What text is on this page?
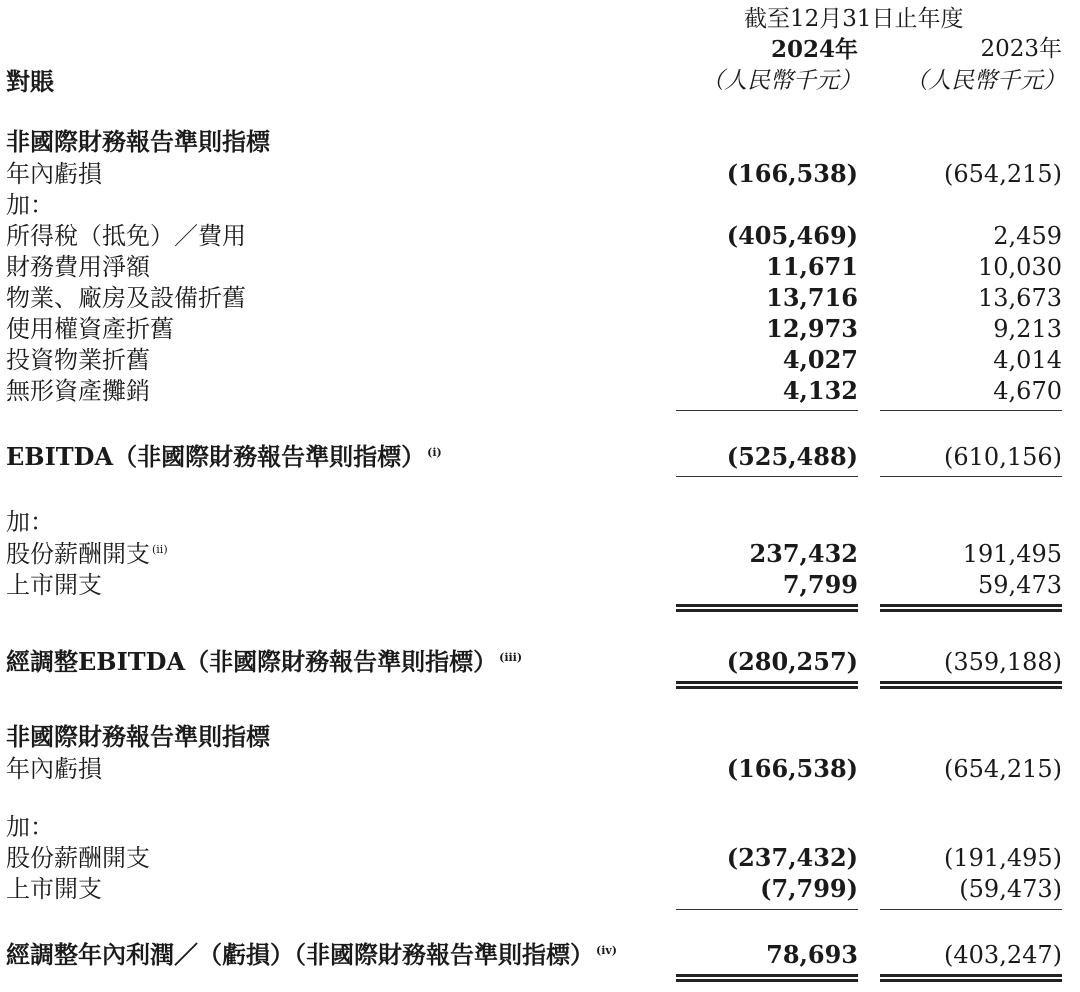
截至12月31日止年度
2024年	2023年
（人民幣千元） （人民幣千元）
對賬
非國際財務報告準則指標
年內虧損	(166,538)	(654,215)
加：
所得稅（抵免）／費用	(405,469)	2,459
財務費用淨額	11,671	10,030
物業、廠房及設備折舊	13,716	13,673
使用權資產折舊	12,973	9,213
投資物業折舊	4,027	4,014
無形資產攤銷	4,132	4,670
EBITDA（非國際財務報告準則指標） $^{(i)}$	(525,488)	(610,156)
加：
股份薪酬開支 $^{(ii)}$	237,432	191,495
上市開支	7,799	59,473
經調整EBITDA（非國際財務報告準則指標） $^{(iii)}$	(280,257)	(359,188)
非國際財務報告準則指標
年內虧損	(166,538)	(654,215)
加：
股份薪酬開支	(237,432)	(191,495)
上市開支	(7,799)	(59,473)
經調整年內利潤／（虧損）（非國際財務報告準則指標） $^{(iv)}$	78,693	(403,247)
